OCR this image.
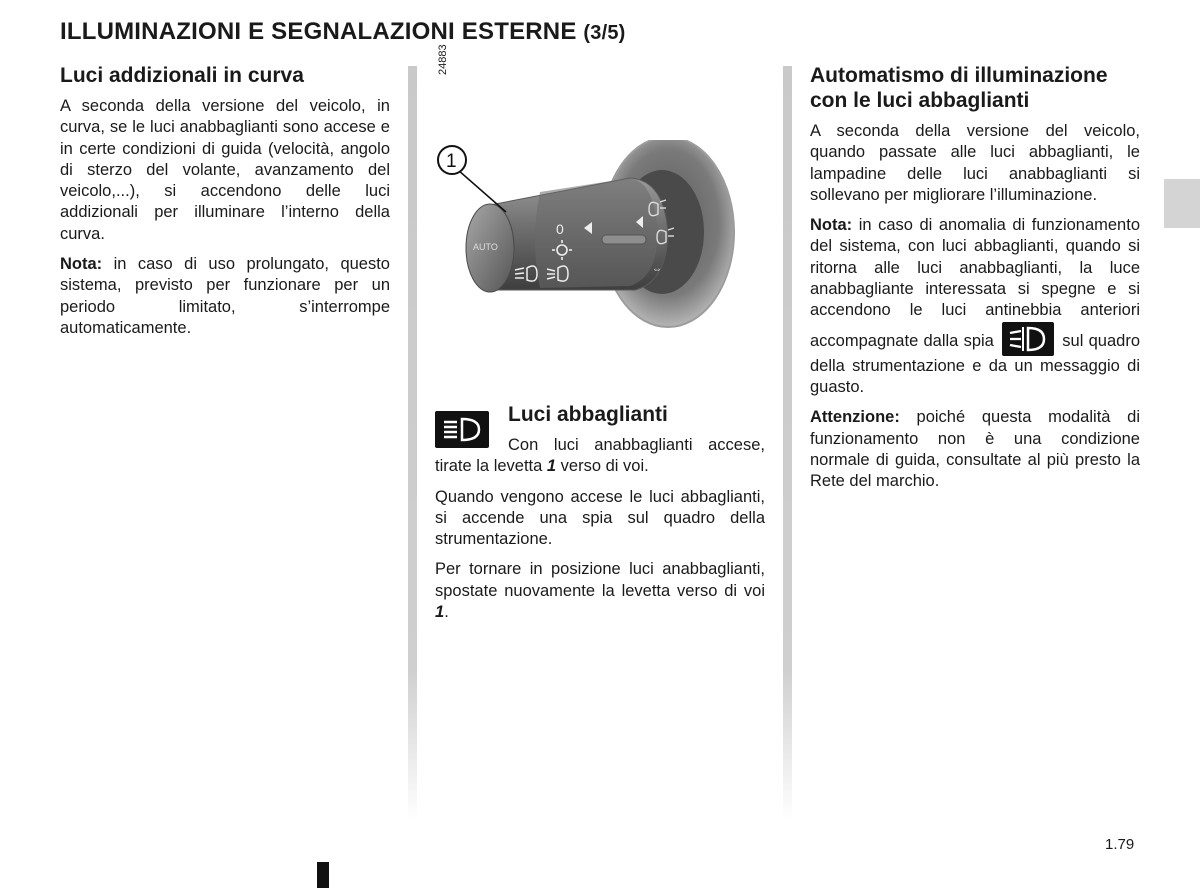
ILLUMINAZIONI E SEGNALAZIONI ESTERNE (3/5)
Luci addizionali in curva

A seconda della versione del veicolo, in curva, se le luci anabbaglianti sono accese e in certe condizioni di guida (velocità, angolo di sterzo del volante, avanzamento del veicolo,...), si accendono delle luci addizionali per illuminare l’interno della curva.

Nota: in caso di uso prolungato, questo sistema, previsto per funzionare per un periodo limitato, s’interrompe automaticamente.

24883
AUTO
0
⇔
1
Luci abbaglianti

Con luci anabbaglianti accese, tirate la levetta 1 verso di voi.

Quando vengono accese le luci abbaglianti, si accende una spia sul quadro della strumentazione.

Per tornare in posizione luci anabbaglianti, spostate nuovamente la levetta verso di voi 1.

Automatismo di illuminazione con le luci abbaglianti

A seconda della versione del veicolo, quando passate alle luci abbaglianti, le lampadine delle luci anabbaglianti si sollevano per migliorare l’illuminazione.

Nota: in caso di anomalia di funzionamento del sistema, con luci abbaglianti, quando si ritorna alle luci anabbaglianti, la luce anabbagliante interessata si spegne e si accendono le luci antinebbia anteriori accompagnate dalla spia	sul quadro della strumentazione e da un messaggio di guasto.

Attenzione: poiché questa modalità di funzionamento non è una condizione normale di guida, consultate al più presto la Rete del marchio.

1.79
